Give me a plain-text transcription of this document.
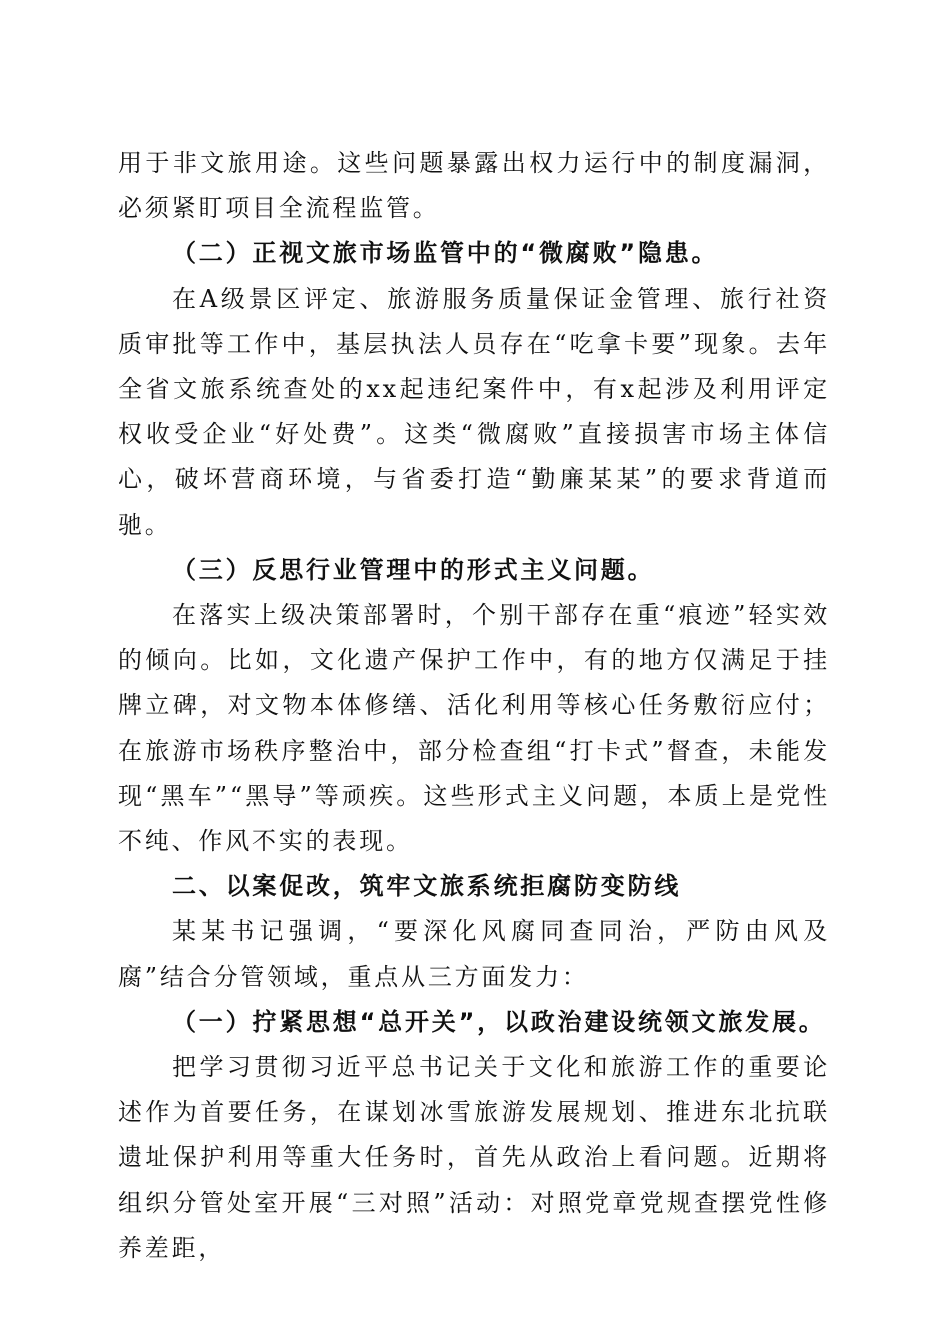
用于非文旅用途。这些问题暴露出权力运行中的制度漏洞，必须紧盯项目全流程监管。

（二）正视文旅市场监管中的“微腐败”隐患。

在A级景区评定、旅游服务质量保证金管理、旅行社资质审批等工作中，基层执法人员存在“吃拿卡要”现象。去年全省文旅系统查处的xx起违纪案件中，有x起涉及利用评定权收受企业“好处费”。这类“微腐败”直接损害市场主体信心，破坏营商环境，与省委打造“勤廉某某”的要求背道而驰。

（三）反思行业管理中的形式主义问题。

在落实上级决策部署时，个别干部存在重“痕迹”轻实效的倾向。比如，文化遗产保护工作中，有的地方仅满足于挂牌立碑，对文物本体修缮、活化利用等核心任务敷衍应付；在旅游市场秩序整治中，部分检查组“打卡式”督查，未能发现“黑车”“黑导”等顽疾。这些形式主义问题，本质上是党性不纯、作风不实的表现。

二、以案促改，筑牢文旅系统拒腐防变防线

某某书记强调，“要深化风腐同查同治，严防由风及腐”结合分管领域，重点从三方面发力：

（一）拧紧思想“总开关”，以政治建设统领文旅发展。

把学习贯彻习近平总书记关于文化和旅游工作的重要论述作为首要任务，在谋划冰雪旅游发展规划、推进东北抗联遗址保护利用等重大任务时，首先从政治上看问题。近期将组织分管处室开展“三对照”活动：对照党章党规查摆党性修养差距，
